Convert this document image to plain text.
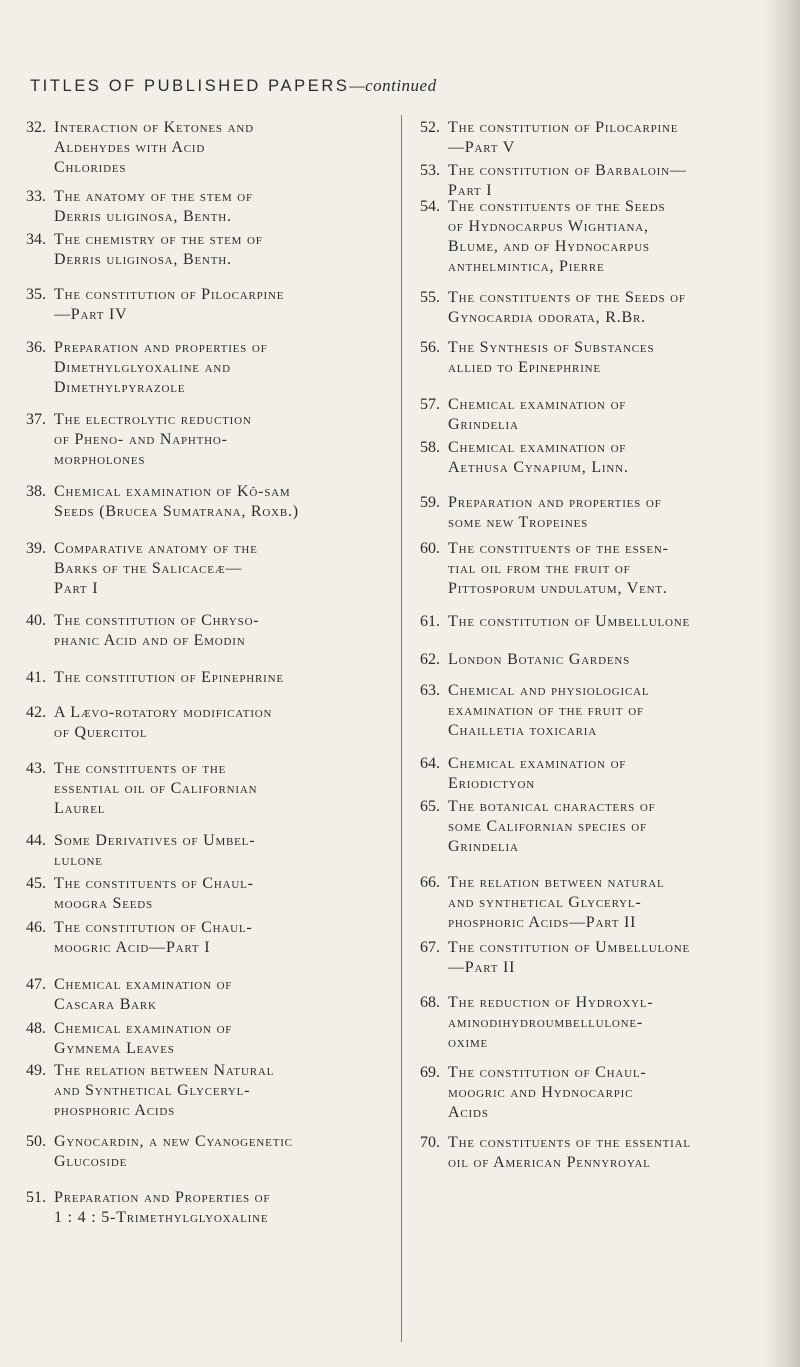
TITLES OF PUBLISHED PAPERS—continued
32. Interaction of Ketones and
Aldehydes with Acid
Chlorides
33. The anatomy of the stem of
Derris uliginosa, Benth.
34. The chemistry of the stem of
Derris uliginosa, Benth.
35. The constitution of Pilocarpine
—Part IV
36. Preparation and properties of
Dimethylglyoxaline and
Dimethylpyrazole
37. The electrolytic reduction
of Pheno- and Naphtho-
morpholones
38. Chemical examination of Kô-sam
Seeds (Brucea Sumatrana, Roxb.)
39. Comparative anatomy of the
Barks of the Salicaceæ—
Part I
40. The constitution of Chryso-
phanic Acid and of Emodin
41. The constitution of Epinephrine
42. A Lævo-rotatory modification
of Quercitol
43. The constituents of the
essential oil of Californian
Laurel
44. Some Derivatives of Umbel-
lulone
45. The constituents of Chaul-
moogra Seeds
46. The constitution of Chaul-
moogric Acid—Part I
47. Chemical examination of
Cascara Bark
48. Chemical examination of
Gymnema Leaves
49. The relation between Natural
and Synthetical Glyceryl-
phosphoric Acids
50. Gynocardin, a new Cyanogenetic
Glucoside
51. Preparation and Properties of
1 : 4 : 5-Trimethylglyoxaline
52. The constitution of Pilocarpine
—Part V
53. The constitution of Barbaloin—
Part I
54. The constituents of the Seeds
of Hydnocarpus Wightiana,
Blume, and of Hydnocarpus
anthelmintica, Pierre
55. The constituents of the Seeds of
Gynocardia odorata, R.Br.
56. The Synthesis of Substances
allied to Epinephrine
57. Chemical examination of
Grindelia
58. Chemical examination of
Aethusa Cynapium, Linn.
59. Preparation and properties of
some new Tropeines
60. The constituents of the essen-
tial oil from the fruit of
Pittosporum undulatum, Vent.
61. The constitution of Umbellulone
62. London Botanic Gardens
63. Chemical and physiological
examination of the fruit of
Chailletia toxicaria
64. Chemical examination of
Eriodictyon
65. The botanical characters of
some Californian species of
Grindelia
66. The relation between natural
and synthetical Glyceryl-
phosphoric Acids—Part II
67. The constitution of Umbellulone
—Part II
68. The reduction of Hydroxyl-
aminodihydroumbellulone-
oxime
69. The constitution of Chaul-
moogric and Hydnocarpic
Acids
70. The constituents of the essential
oil of American Pennyroyal
